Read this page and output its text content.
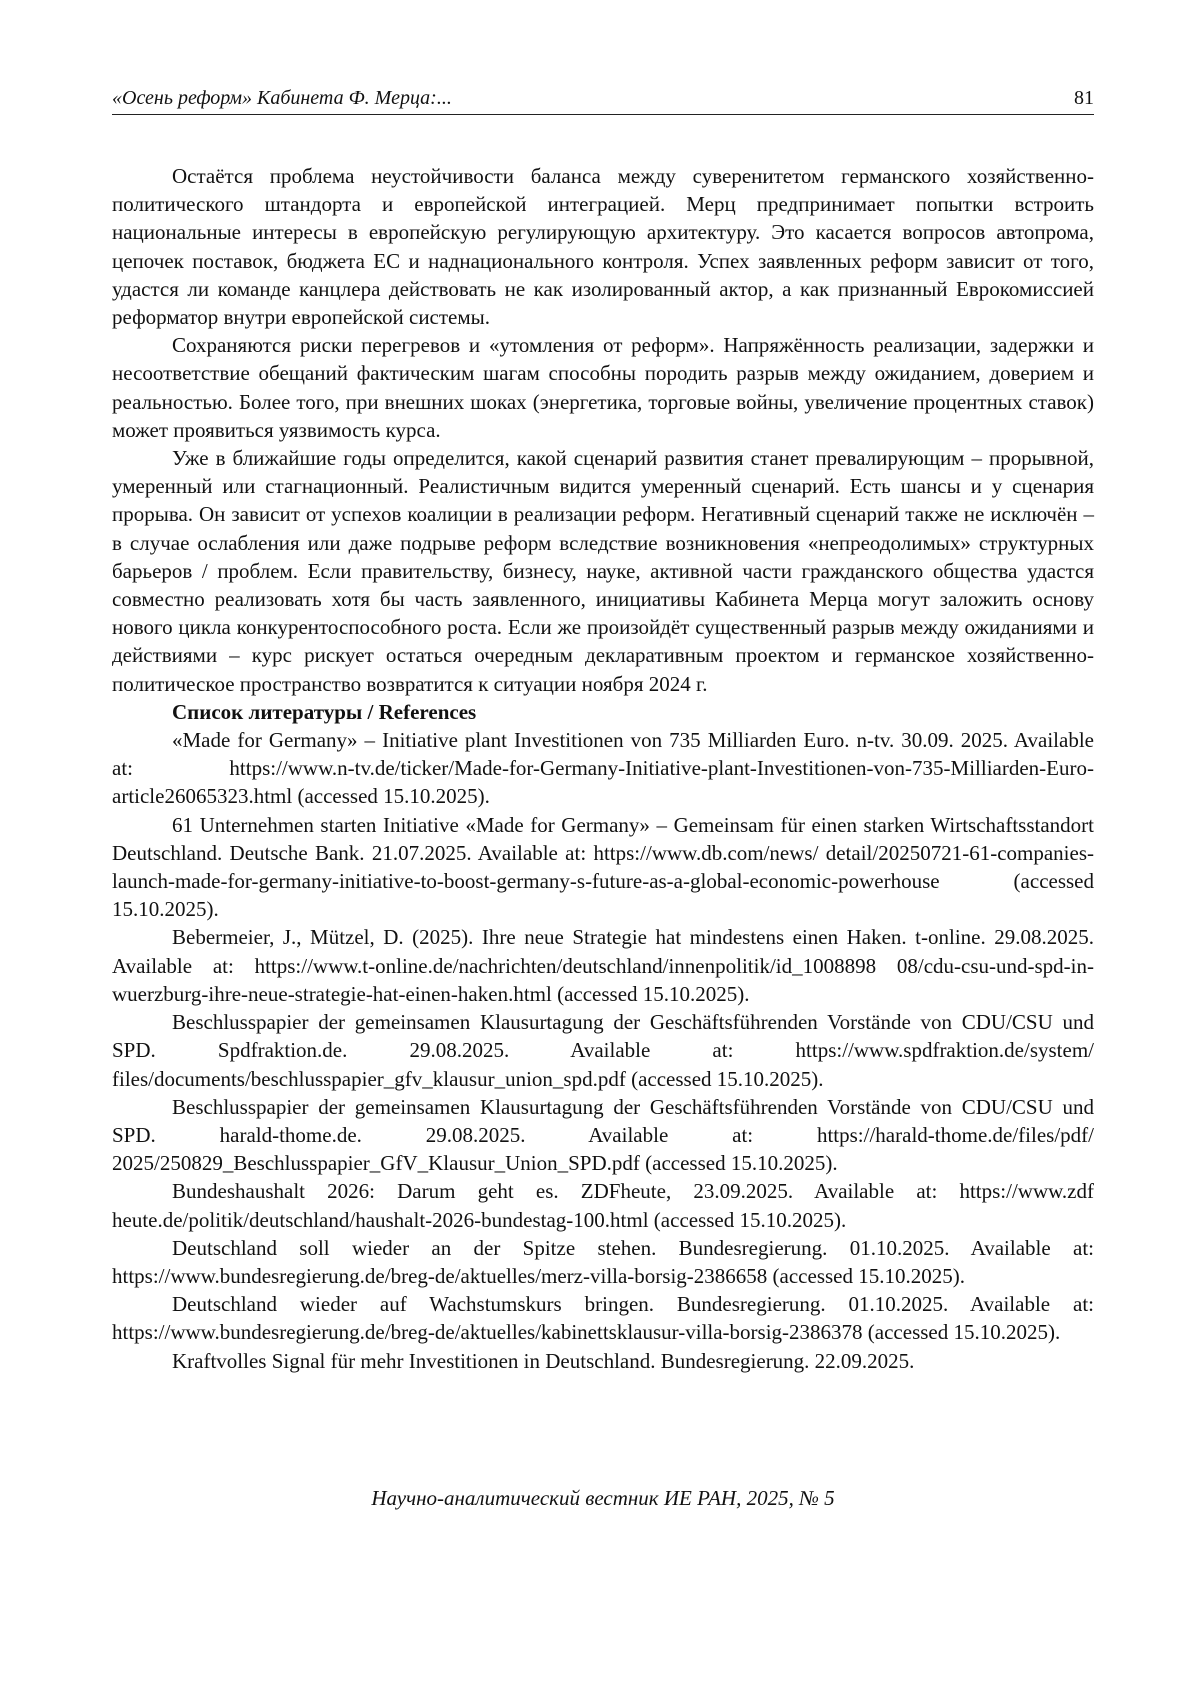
«Осень реформ» Кабинета Ф. Мерца:...	81

Остаётся проблема неустойчивости баланса между суверенитетом германского хозяйственно-политического штандорта и европейской интеграцией. Мерц предпринимает попытки встроить национальные интересы в европейскую регулирующую архитектуру. Это касается вопросов автопрома, цепочек поставок, бюджета ЕС и наднационального контроля. Успех заявленных реформ зависит от того, удастся ли команде канцлера действовать не как изолированный актор, а как признанный Еврокомиссией реформатор внутри европейской системы.

Сохраняются риски перегревов и «утомления от реформ». Напряжённость реализации, задержки и несоответствие обещаний фактическим шагам способны породить разрыв между ожиданием, доверием и реальностью. Более того, при внешних шоках (энергетика, торговые войны, увеличение процентных ставок) может проявиться уязвимость курса.

Уже в ближайшие годы определится, какой сценарий развития станет превалирующим – прорывной, умеренный или стагнационный. Реалистичным видится умеренный сценарий. Есть шансы и у сценария прорыва. Он зависит от успехов коалиции в реализации реформ. Негативный сценарий также не исключён – в случае ослабления или даже подрыве реформ вследствие возникновения «непреодолимых» структурных барьеров / проблем. Если правительству, бизнесу, науке, активной части гражданского общества удастся совместно реализовать хотя бы часть заявленного, инициативы Кабинета Мерца могут заложить основу нового цикла конкурентоспособного роста. Если же произойдёт существенный разрыв между ожиданиями и действиями – курс рискует остаться очередным декларативным проектом и германское хозяйственно-политическое пространство возвратится к ситуации ноября 2024 г.

Список литературы / References

«Made for Germany» – Initiative plant Investitionen von 735 Milliarden Euro. n-tv. 30.09. 2025. Available at: https://www.n-tv.de/ticker/Made-for-Germany-Initiative-plant-Investitionen-von-735-Milliarden-Euro-article26065323.html (accessed 15.10.2025).

61 Unternehmen starten Initiative «Made for Germany» – Gemeinsam für einen starken Wirtschaftsstandort Deutschland. Deutsche Bank. 21.07.2025. Available at: https://www.db.com/news/ detail/20250721-61-companies-launch-made-for-germany-initiative-to-boost-germany-s-future-as-a-global-economic-powerhouse (accessed 15.10.2025).

Bebermeier, J., Mützel, D. (2025). Ihre neue Strategie hat mindestens einen Haken. t-online. 29.08.2025. Available at: https://www.t-online.de/nachrichten/deutschland/innenpolitik/id_1008898 08/cdu-csu-und-spd-in-wuerzburg-ihre-neue-strategie-hat-einen-haken.html (accessed 15.10.2025).

Beschlusspapier der gemeinsamen Klausurtagung der Geschäftsführenden Vorstände von CDU/CSU und SPD. Spdfraktion.de. 29.08.2025. Available at: https://www.spdfraktion.de/system/ files/documents/beschlusspapier_gfv_klausur_union_spd.pdf (accessed 15.10.2025).

Beschlusspapier der gemeinsamen Klausurtagung der Geschäftsführenden Vorstände von CDU/CSU und SPD. harald-thome.de. 29.08.2025. Available at: https://harald-thome.de/files/pdf/ 2025/250829_Beschlusspapier_GfV_Klausur_Union_SPD.pdf (accessed 15.10.2025).

Bundeshaushalt 2026: Darum geht es. ZDFheute, 23.09.2025. Available at: https://www.zdf heute.de/politik/deutschland/haushalt-2026-bundestag-100.html (accessed 15.10.2025).

Deutschland soll wieder an der Spitze stehen. Bundesregierung. 01.10.2025. Available at: https://www.bundesregierung.de/breg-de/aktuelles/merz-villa-borsig-2386658 (accessed 15.10.2025).

Deutschland wieder auf Wachstumskurs bringen. Bundesregierung. 01.10.2025. Available at: https://www.bundesregierung.de/breg-de/aktuelles/kabinettsklausur-villa-borsig-2386378 (accessed 15.10.2025).

Kraftvolles Signal für mehr Investitionen in Deutschland. Bundesregierung. 22.09.2025.

Научно-аналитический вестник ИЕ РАН, 2025, № 5
